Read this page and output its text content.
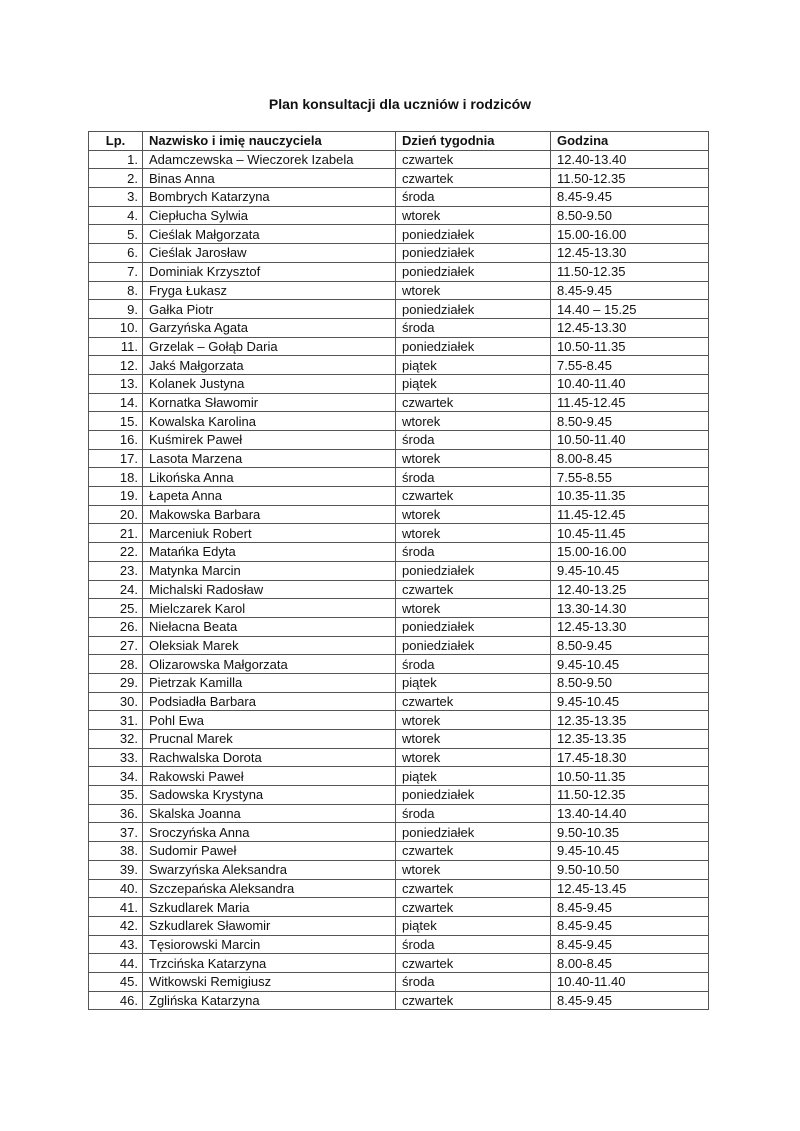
Plan konsultacji dla uczniów i rodziców
Lp.	Nazwisko i imię nauczyciela	Dzień tygodnia	Godzina
1.	Adamczewska – Wieczorek Izabela	czwartek	12.40-13.40
2.	Binas Anna	czwartek	11.50-12.35
3.	Bombrych Katarzyna	środa	8.45-9.45
4.	Ciepłucha Sylwia	wtorek	8.50-9.50
5.	Cieślak Małgorzata	poniedziałek	15.00-16.00
6.	Cieślak Jarosław	poniedziałek	12.45-13.30
7.	Dominiak Krzysztof	poniedziałek	11.50-12.35
8.	Fryga Łukasz	wtorek	8.45-9.45
9.	Gałka Piotr	poniedziałek	14.40 – 15.25
10.	Garzyńska Agata	środa	12.45-13.30
11.	Grzelak – Gołąb Daria	poniedziałek	10.50-11.35
12.	Jakś Małgorzata	piątek	7.55-8.45
13.	Kolanek Justyna	piątek	10.40-11.40
14.	Kornatka Sławomir	czwartek	11.45-12.45
15.	Kowalska Karolina	wtorek	8.50-9.45
16.	Kuśmirek Paweł	środa	10.50-11.40
17.	Lasota Marzena	wtorek	8.00-8.45
18.	Likońska Anna	środa	7.55-8.55
19.	Łapeta Anna	czwartek	10.35-11.35
20.	Makowska Barbara	wtorek	11.45-12.45
21.	Marceniuk Robert	wtorek	10.45-11.45
22.	Matańka Edyta	środa	15.00-16.00
23.	Matynka Marcin	poniedziałek	9.45-10.45
24.	Michalski Radosław	czwartek	12.40-13.25
25.	Mielczarek Karol	wtorek	13.30-14.30
26.	Niełacna Beata	poniedziałek	12.45-13.30
27.	Oleksiak Marek	poniedziałek	8.50-9.45
28.	Olizarowska Małgorzata	środa	9.45-10.45
29.	Pietrzak Kamilla	piątek	8.50-9.50
30.	Podsiadła Barbara	czwartek	9.45-10.45
31.	Pohl Ewa	wtorek	12.35-13.35
32.	Prucnal Marek	wtorek	12.35-13.35
33.	Rachwalska Dorota	wtorek	17.45-18.30
34.	Rakowski Paweł	piątek	10.50-11.35
35.	Sadowska Krystyna	poniedziałek	11.50-12.35
36.	Skalska Joanna	środa	13.40-14.40
37.	Sroczyńska Anna	poniedziałek	9.50-10.35
38.	Sudomir Paweł	czwartek	9.45-10.45
39.	Swarzyńska Aleksandra	wtorek	9.50-10.50
40.	Szczepańska Aleksandra	czwartek	12.45-13.45
41.	Szkudlarek Maria	czwartek	8.45-9.45
42.	Szkudlarek Sławomir	piątek	8.45-9.45
43.	Tęsiorowski Marcin	środa	8.45-9.45
44.	Trzcińska Katarzyna	czwartek	8.00-8.45
45.	Witkowski Remigiusz	środa	10.40-11.40
46.	Zglińska Katarzyna	czwartek	8.45-9.45
